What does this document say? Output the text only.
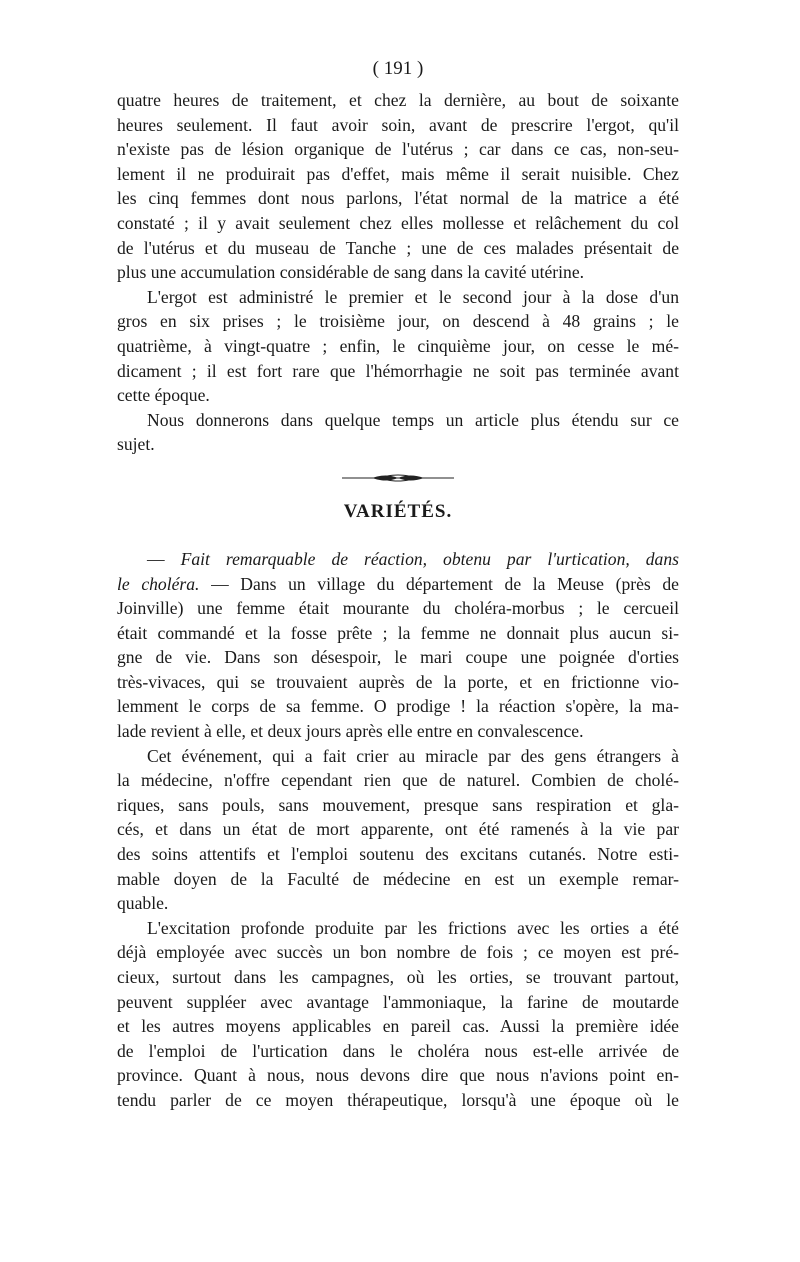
( 191 )
quatre heures de traitement, et chez la dernière, au bout de soixante
heures seulement. Il faut avoir soin, avant de prescrire l'ergot, qu'il
n'existe pas de lésion organique de l'utérus ; car dans ce cas, non-seu-
lement il ne produirait pas d'effet, mais même il serait nuisible. Chez
les cinq femmes dont nous parlons, l'état normal de la matrice a été
constaté ; il y avait seulement chez elles mollesse et relâchement du col
de l'utérus et du museau de Tanche ; une de ces malades présentait de
plus une accumulation considérable de sang dans la cavité utérine.
L'ergot est administré le premier et le second jour à la dose d'un
gros en six prises ; le troisième jour, on descend à 48 grains ; le
quatrième, à vingt-quatre ; enfin, le cinquième jour, on cesse le mé-
dicament ; il est fort rare que l'hémorrhagie ne soit pas terminée avant
cette époque.
Nous donnerons dans quelque temps un article plus étendu sur ce
sujet.
VARIÉTÉS.
— Fait remarquable de réaction, obtenu par l'urtication, dans
le choléra. — Dans un village du département de la Meuse (près de
Joinville) une femme était mourante du choléra-morbus ; le cercueil
était commandé et la fosse prête ; la femme ne donnait plus aucun si-
gne de vie. Dans son désespoir, le mari coupe une poignée d'orties
très-vivaces, qui se trouvaient auprès de la porte, et en frictionne vio-
lemment le corps de sa femme. O prodige ! la réaction s'opère, la ma-
lade revient à elle, et deux jours après elle entre en convalescence.
Cet événement, qui a fait crier au miracle par des gens étrangers à
la médecine, n'offre cependant rien que de naturel. Combien de cholé-
riques, sans pouls, sans mouvement, presque sans respiration et gla-
cés, et dans un état de mort apparente, ont été ramenés à la vie par
des soins attentifs et l'emploi soutenu des excitans cutanés. Notre esti-
mable doyen de la Faculté de médecine en est un exemple remar-
quable.
L'excitation profonde produite par les frictions avec les orties a été
déjà employée avec succès un bon nombre de fois ; ce moyen est pré-
cieux, surtout dans les campagnes, où les orties, se trouvant partout,
peuvent suppléer avec avantage l'ammoniaque, la farine de moutarde
et les autres moyens applicables en pareil cas. Aussi la première idée
de l'emploi de l'urtication dans le choléra nous est-elle arrivée de
province. Quant à nous, nous devons dire que nous n'avions point en-
tendu parler de ce moyen thérapeutique, lorsqu'à une époque où le
